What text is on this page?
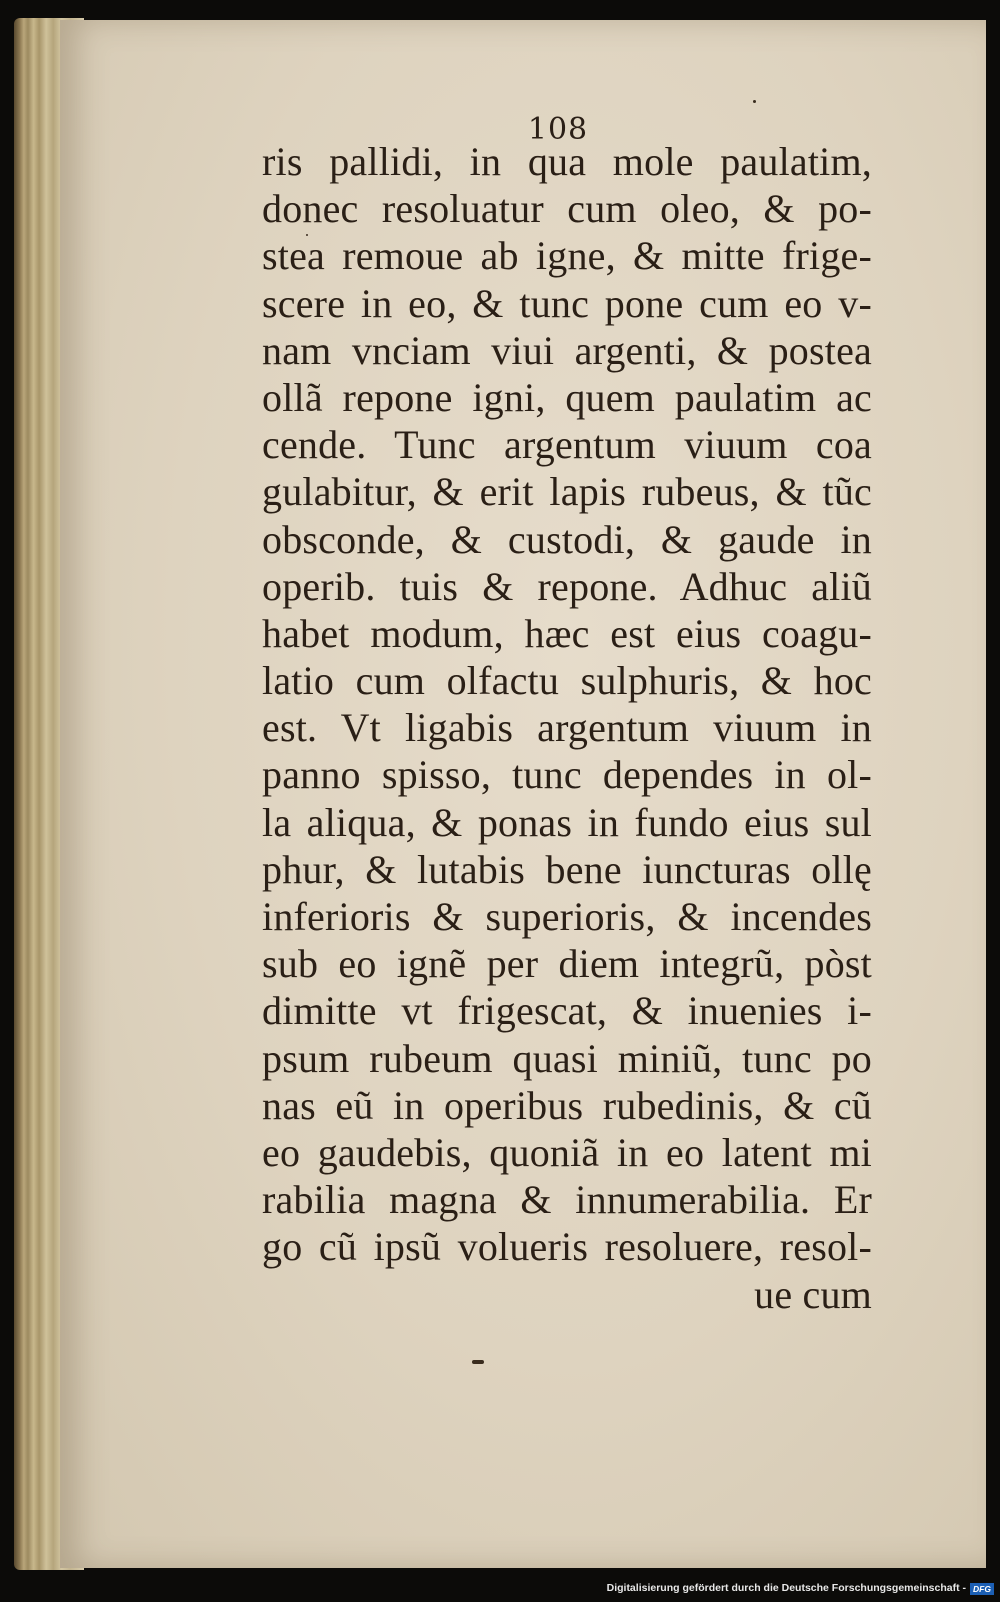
108
ris pallidi, in qua mole paulatim,
donec resoluatur cum oleo, & po-
stea remoue ab igne, & mitte frige-
scere in eo, & tunc pone cum eo v-
nam vnciam viui argenti, & postea
ollã repone igni, quem paulatim ac
cende. Tunc argentum viuum coa
gulabitur, & erit lapis rubeus, & tũc
obsconde, & custodi, & gaude in
operib. tuis & repone. Adhuc aliũ
habet modum, hæc est eius coagu-
latio cum olfactu sulphuris, & hoc
est. Vt ligabis argentum viuum in
panno spisso, tunc dependes in ol-
la aliqua, & ponas in fundo eius sul
phur, & lutabis bene iuncturas ollę
inferioris & superioris, & incendes
sub eo ignẽ per diem integrũ, pòst
dimitte vt frigescat, & inuenies i-
psum rubeum quasi miniũ, tunc po
nas eũ in operibus rubedinis, & cũ
eo gaudebis, quoniã in eo latent mi
rabilia magna & innumerabilia. Er
go cũ ipsũ volueris resoluere, resol-
ue cum
Digitalisierung gefördert durch die Deutsche Forschungsgemeinschaft - DFG
